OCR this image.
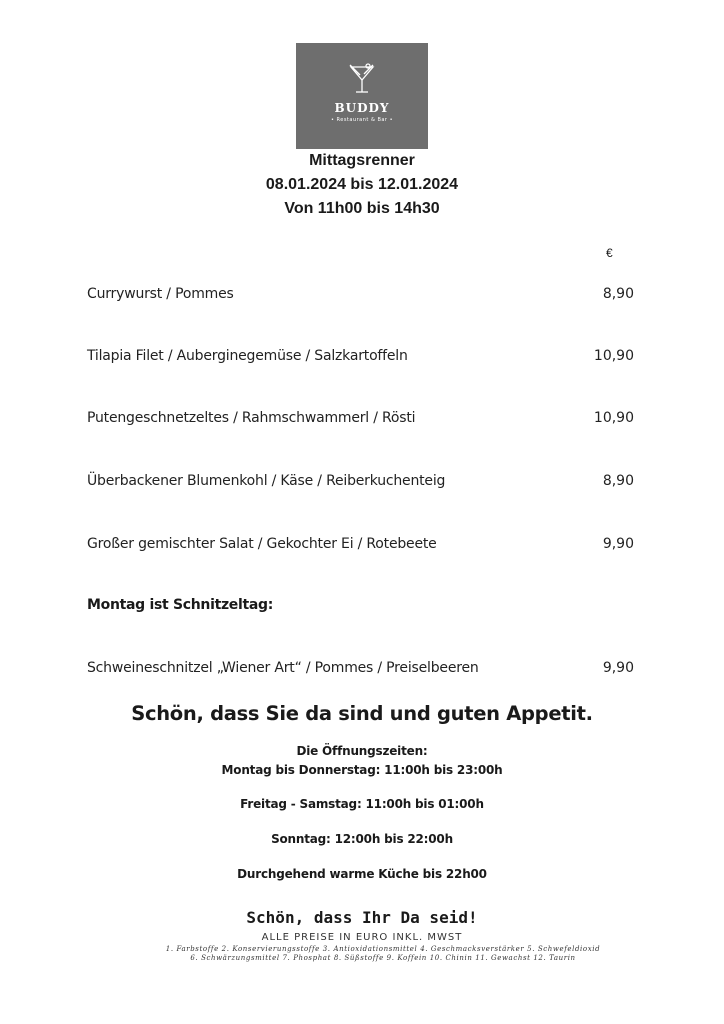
BUDDY
• Restaurant & Bar •
Mittagsrenner
08.01.2024 bis 12.01.2024
Von 11h00 bis 14h30
€
Currywurst / Pommes	8,90
Tilapia Filet / Auberginegemüse / Salzkartoffeln	10,90
Putengeschnetzeltes / Rahmschwammerl / Rösti	10,90
Überbackener Blumenkohl / Käse / Reiberkuchenteig	8,90
Großer gemischter Salat / Gekochter Ei / Rotebeete	9,90
Montag ist Schnitzeltag:
Schweineschnitzel „Wiener Art“ / Pommes / Preiselbeeren	9,90
Schön, dass Sie da sind und guten Appetit.
Die Öffnungszeiten:
Montag bis Donnerstag: 11:00h bis 23:00h
Freitag - Samstag: 11:00h bis 01:00h
Sonntag: 12:00h bis 22:00h
Durchgehend warme Küche bis 22h00
Schön, dass Ihr Da seid!
ALLE PREISE IN EURO INKL. MWST
1. Farbstoffe 2. Konservierungsstoffe 3. Antioxidationsmittel 4. Geschmacksverstärker 5. Schwefeldioxid
6. Schwärzungsmittel 7. Phosphat 8. Süßstoffe 9. Koffein 10. Chinin 11. Gewachst 12. Taurin
